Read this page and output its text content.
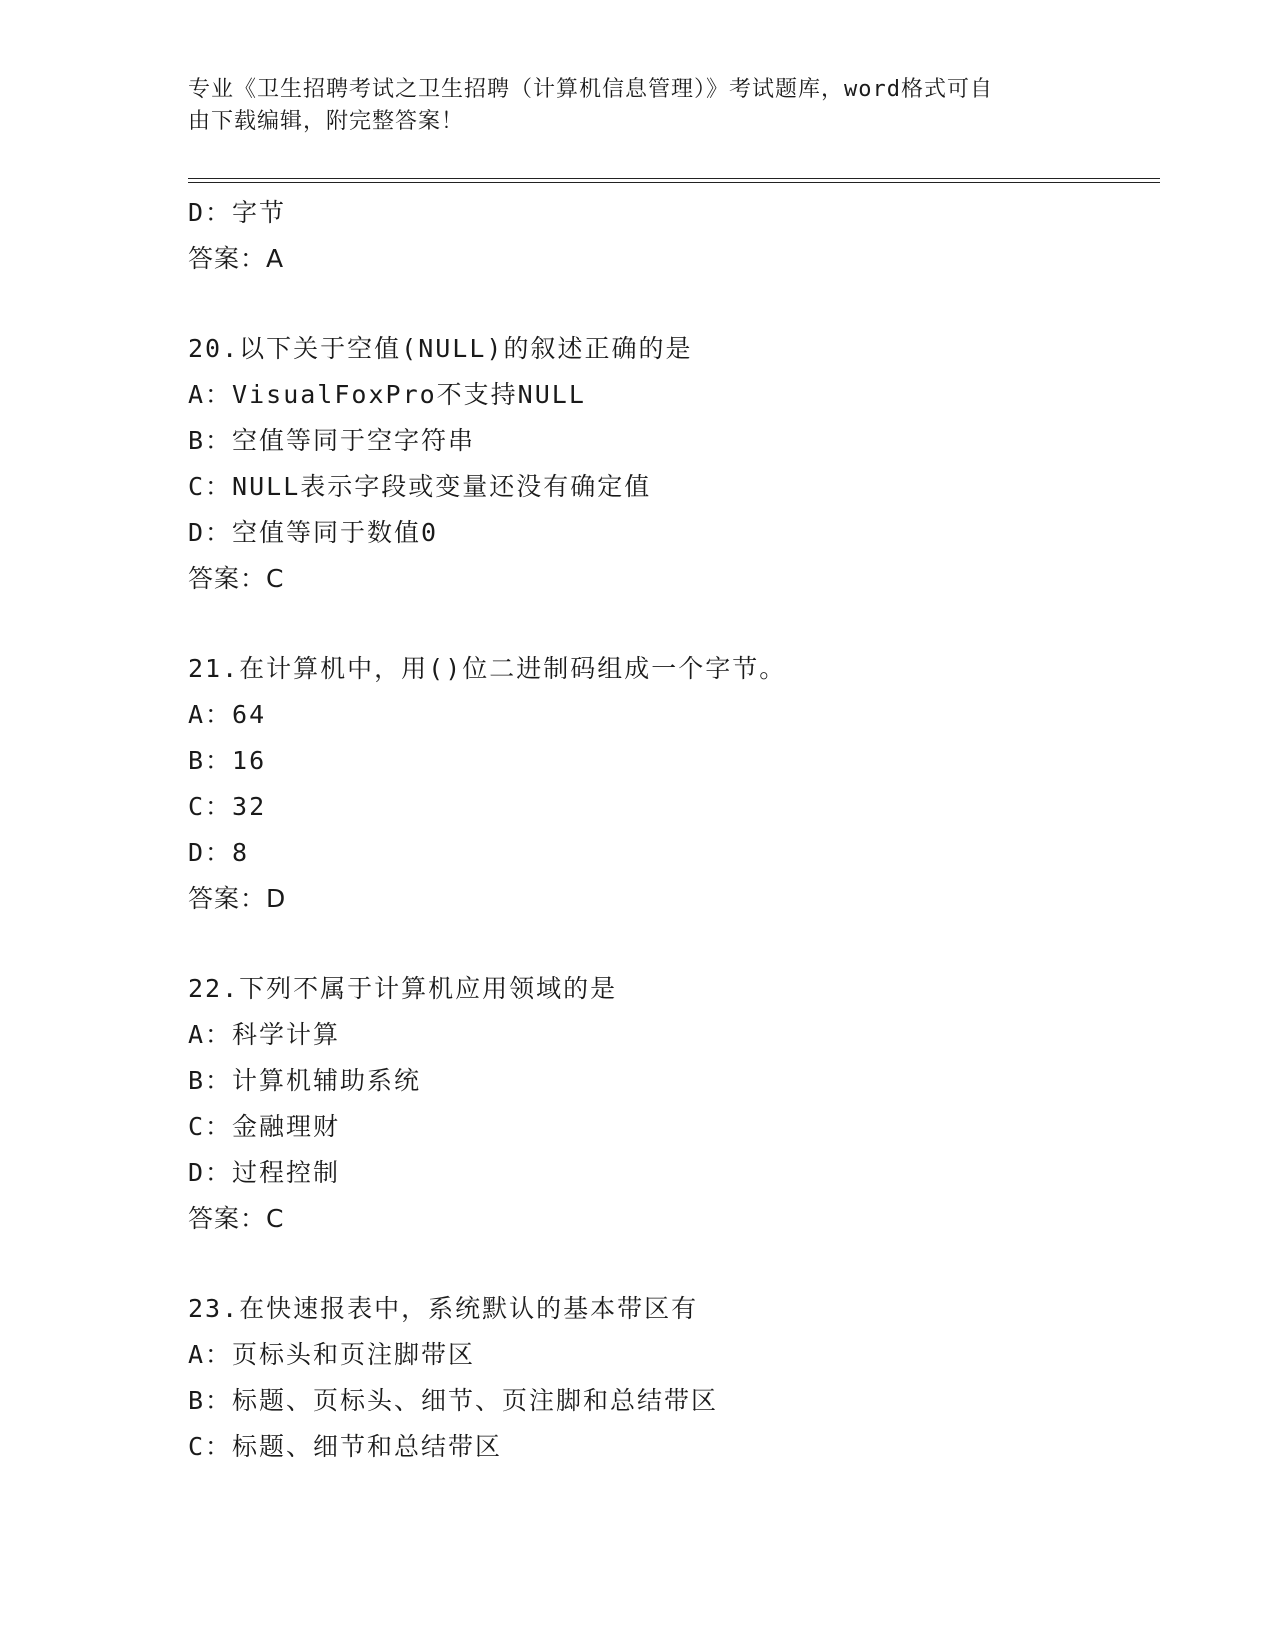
专业《卫生招聘考试之卫生招聘（计算机信息管理）》考试题库，word格式可自
由下载编辑，附完整答案！
D：字节
答案：A
20.以下关于空值(NULL)的叙述正确的是
A：VisualFoxPro不支持NULL
B：空值等同于空字符串
C：NULL表示字段或变量还没有确定值
D：空值等同于数值0
答案：C
21.在计算机中，用()位二进制码组成一个字节。
A：64
B：16
C：32
D：8
答案：D
22.下列不属于计算机应用领域的是
A：科学计算
B：计算机辅助系统
C：金融理财
D：过程控制
答案：C
23.在快速报表中，系统默认的基本带区有
A：页标头和页注脚带区
B：标题、页标头、细节、页注脚和总结带区
C：标题、细节和总结带区
